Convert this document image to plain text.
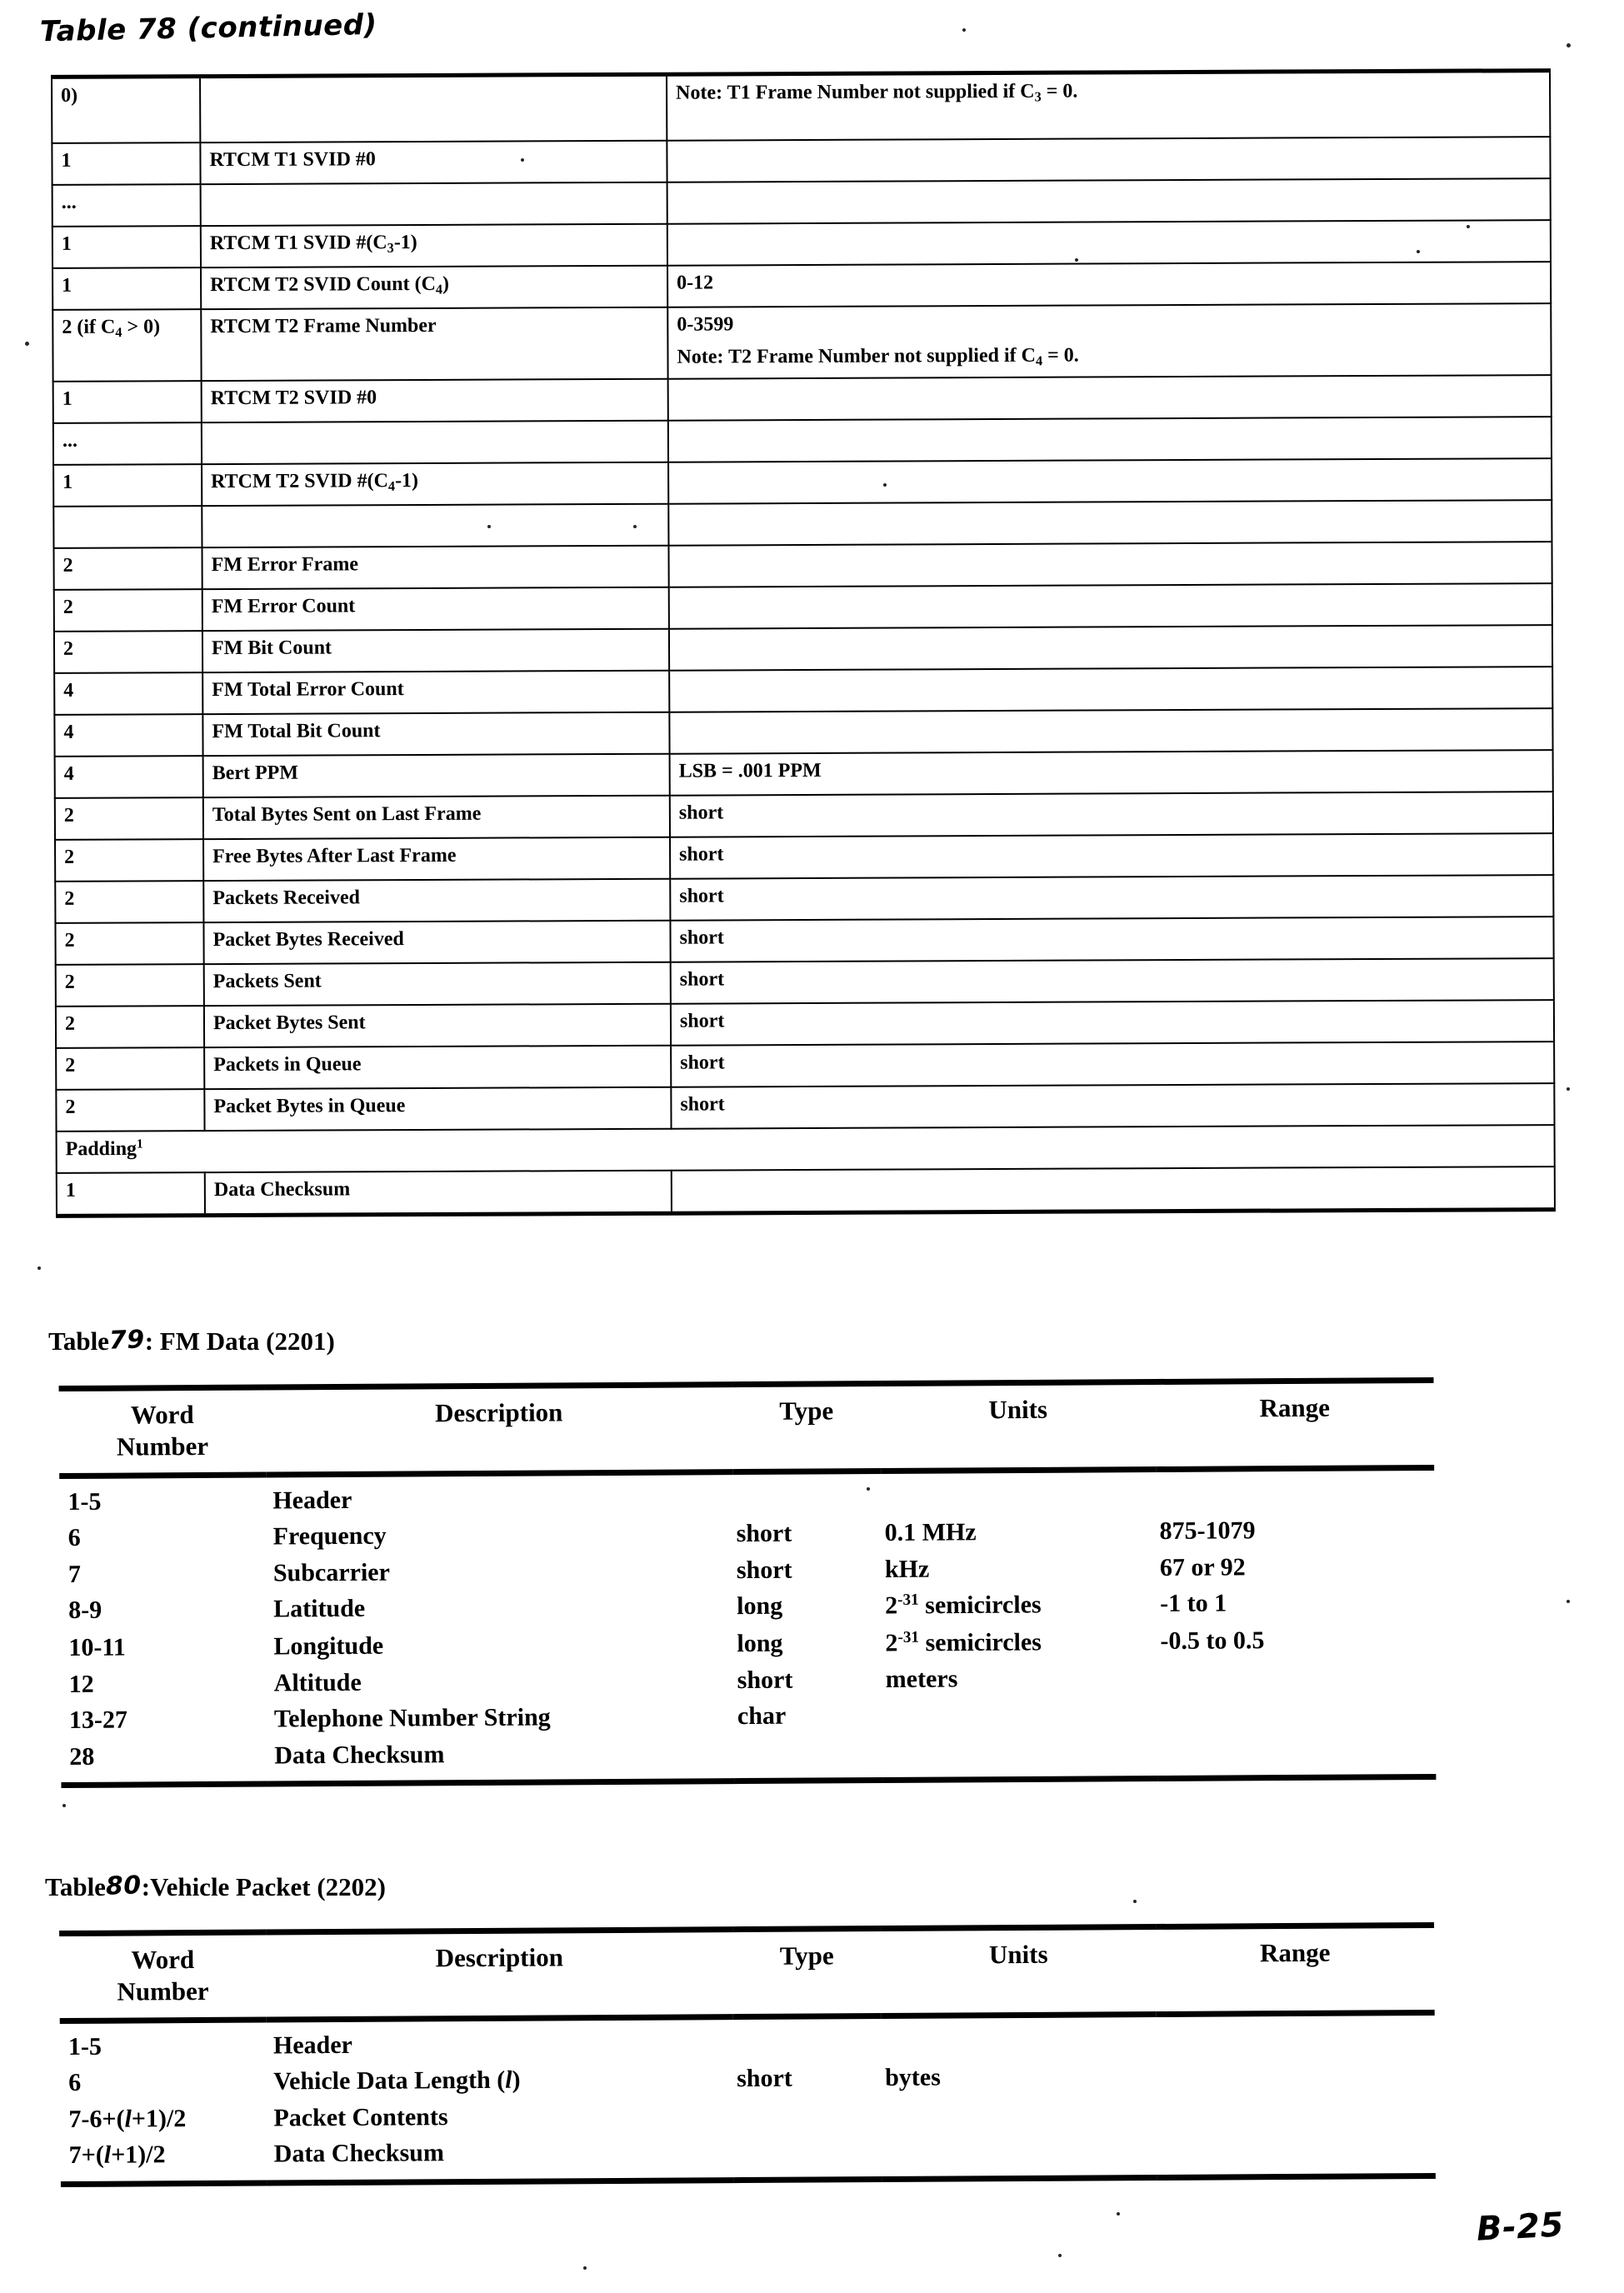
Table 78 (continued)
0)		Note: T1 Frame Number not supplied if $C_3 = 0$.
1	RTCM T1 SVID #0	
...		
1	RTCM T1 SVID $\#(C_3-1)$	
1	RTCM T2 SVID Count $(C_4)$	0-12
2 (if $C_4 > 0$)	RTCM T2 Frame Number	0-3599
Note: T2 Frame Number not supplied if $C_4 = 0$.

1	RTCM T2 SVID #0	
...		
1	RTCM T2 SVID $\#(C_4-1)$	

2	FM Error Frame	
2	FM Error Count	
2	FM Bit Count	
4	FM Total Error Count	
4	FM Total Bit Count	
4	Bert PPM	LSB = .001 PPM
2	Total Bytes Sent on Last Frame	short
2	Free Bytes After Last Frame	short
2	Packets Received	short
2	Packet Bytes Received	short
2	Packets Sent	short
2	Packet Bytes Sent	short
2	Packets in Queue	short
2	Packet Bytes in Queue	short
Padding$^1$
1	Data Checksum	
Table79: FM Data (2201)
Word
Number	Description	Type	Units	Range
1-5	Header			
6	Frequency	short	0.1 MHz	875-1079
7	Subcarrier	short	kHz	67 or 92
8-9	Latitude	long	$2^{-31}$ semicircles	-1 to 1
10-11	Longitude	long	$2^{-31}$ semicircles	-0.5 to 0.5
12	Altitude	short	meters	
13-27	Telephone Number String	char		
28	Data Checksum			
Table80:Vehicle Packet (2202)
Word
Number	Description	Type	Units	Range
1-5	Header			
6	Vehicle Data Length (l)	short	bytes	
7-6+(l+1)/2	Packet Contents			
7+(l+1)/2	Data Checksum			
B-25
